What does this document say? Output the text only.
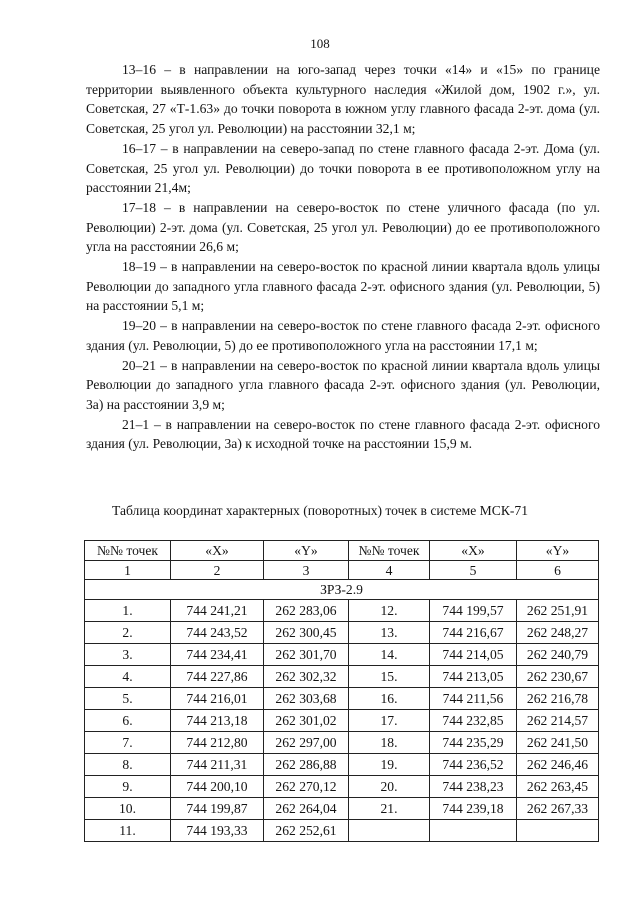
108

13–16 – в направлении на юго-запад через точки «14» и «15» по границе территории выявленного объекта культурного наследия «Жилой дом, 1902 г.», ул. Советская, 27 «Т-1.63» до точки поворота в южном углу главного фасада 2-эт. дома (ул. Советская, 25 угол ул. Революции) на расстоянии 32,1 м;

16–17 – в направлении на северо-запад по стене главного фасада 2-эт. Дома (ул. Советская, 25 угол ул. Революции) до точки поворота в ее противоположном углу на расстоянии 21,4м;

17–18 – в направлении на северо-восток по стене уличного фасада (по ул. Революции) 2-эт. дома (ул. Советская, 25 угол ул. Революции) до ее противоположного угла на расстоянии 26,6 м;

18–19 – в направлении на северо-восток по красной линии квартала вдоль улицы Революции до западного угла главного фасада 2-эт. офисного здания (ул. Революции, 5) на расстоянии 5,1 м;

19–20 – в направлении на северо-восток по стене главного фасада 2-эт. офисного здания (ул. Революции, 5) до ее противоположного угла на расстоянии 17,1 м;

20–21 – в направлении на северо-восток по красной линии квартала вдоль улицы Революции до западного угла главного фасада 2-эт. офисного здания (ул. Революции, 3а) на расстоянии 3,9 м;

21–1 – в направлении на северо-восток по стене главного фасада 2-эт. офисного здания (ул. Революции, 3а) к исходной точке на расстоянии 15,9 м.

Таблица координат характерных (поворотных) точек в системе МСК-71
№№ точек	«X»	«Y»	№№ точек	«X»	«Y»
1	2	3	4	5	6
ЗРЗ-2.9					
1.	744 241,21	262 283,06	12.	744 199,57	262 251,91
2.	744 243,52	262 300,45	13.	744 216,67	262 248,27
3.	744 234,41	262 301,70	14.	744 214,05	262 240,79
4.	744 227,86	262 302,32	15.	744 213,05	262 230,67
5.	744 216,01	262 303,68	16.	744 211,56	262 216,78
6.	744 213,18	262 301,02	17.	744 232,85	262 214,57
7.	744 212,80	262 297,00	18.	744 235,29	262 241,50
8.	744 211,31	262 286,88	19.	744 236,52	262 246,46
9.	744 200,10	262 270,12	20.	744 238,23	262 263,45
10.	744 199,87	262 264,04	21.	744 239,18	262 267,33
11.	744 193,33	262 252,61			
